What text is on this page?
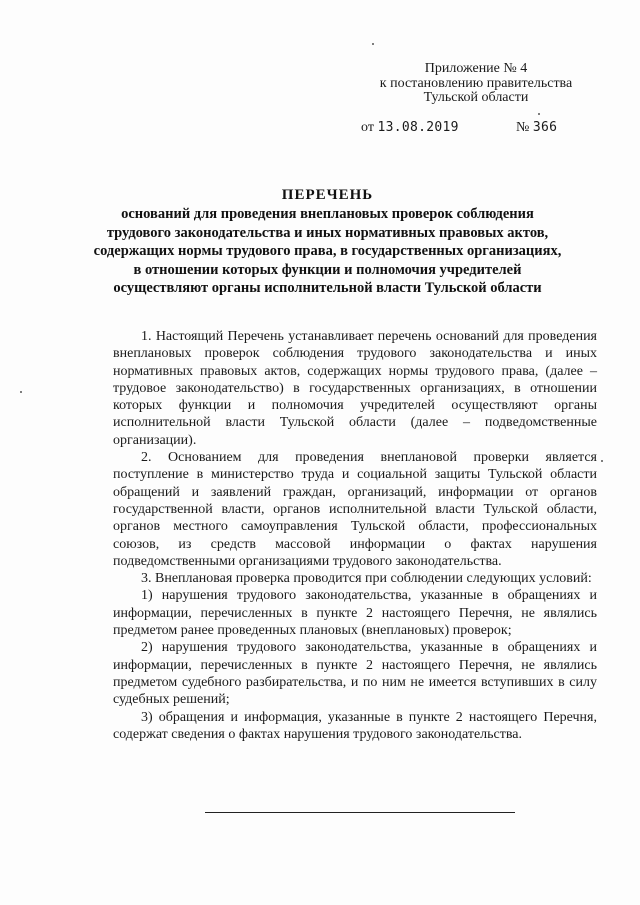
Приложение № 4
к постановлению правительства
Тульской области
от 13.08.2019	№ 366
ПЕРЕЧЕНЬ
оснований для проведения внеплановых проверок соблюдения
трудового законодательства и иных нормативных правовых актов,
содержащих нормы трудового права, в государственных организациях,
в отношении которых функции и полномочия учредителей
осуществляют органы исполнительной власти Тульской области

1. Настоящий Перечень устанавливает перечень оснований для проведения внеплановых проверок соблюдения трудового законодательства и иных нормативных правовых актов, содержащих нормы трудового права, (далее – трудовое законодательство) в государственных организациях, в отношении которых функции и полномочия учредителей осуществляют органы исполнительной власти Тульской области (далее – подведомственные организации).

2. Основанием для проведения внеплановой проверки является поступление в министерство труда и социальной защиты Тульской области обращений и заявлений граждан, организаций, информации от органов государственной власти, органов исполнительной власти Тульской области, органов местного самоуправления Тульской области, профессиональных союзов, из средств массовой информации о фактах нарушения подведомственными организациями трудового законодательства.

3. Внеплановая проверка проводится при соблюдении следующих условий:

1) нарушения трудового законодательства, указанные в обращениях и информации, перечисленных в пункте 2 настоящего Перечня, не являлись предметом ранее проведенных плановых (внеплановых) проверок;

2) нарушения трудового законодательства, указанные в обращениях и информации, перечисленных в пункте 2 настоящего Перечня, не являлись предметом судебного разбирательства, и по ним не имеется вступивших в силу судебных решений;

3) обращения и информация, указанные в пункте 2 настоящего Перечня, содержат сведения о фактах нарушения трудового законодательства.
